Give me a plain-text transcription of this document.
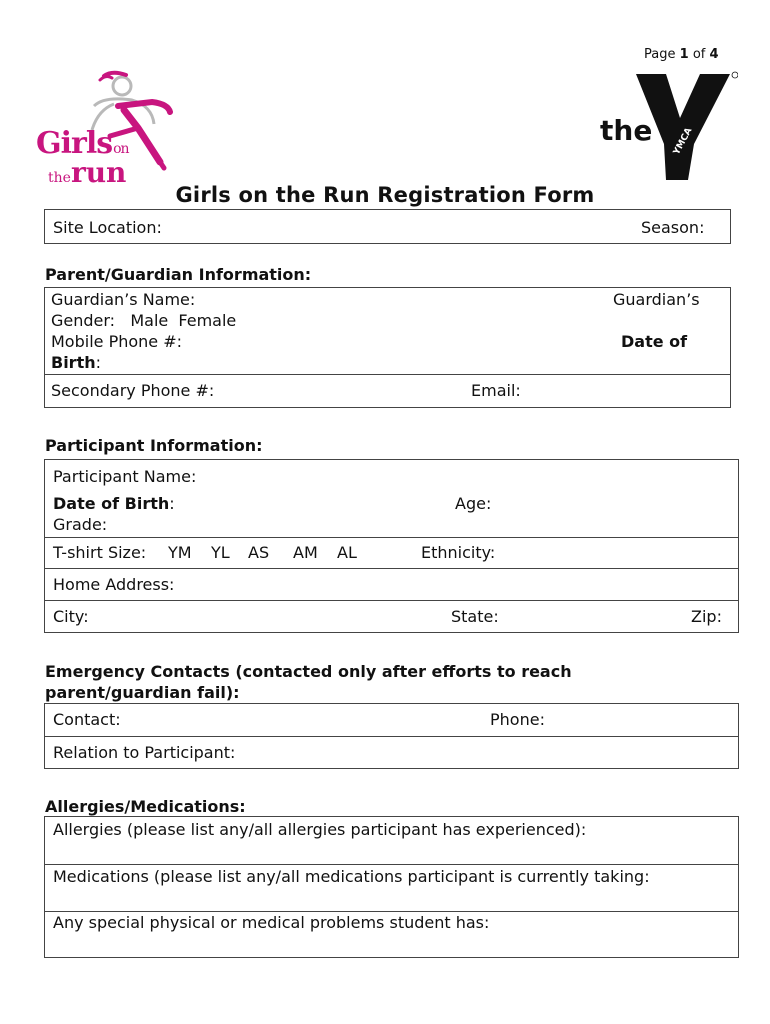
Page 1 of 4
Girlson
therun
the YMCA
Girls on the Run Registration Form
Site Location:	Season:
Parent/Guardian Information:
Guardian’s Name:	Guardian’s
Gender: Male Female
Mobile Phone #:	Date of
Birth:
Secondary Phone #:	Email:
Participant Information:
Participant Name:
Date of Birth:	Age:
Grade:
T-shirt Size: YM YL AS AM AL	Ethnicity:
Home Address:
City:	State:	Zip:
Emergency Contacts (contacted only after efforts to reach
parent/guardian fail):
Contact:	Phone:
Relation to Participant:
Allergies/Medications:
Allergies (please list any/all allergies participant has experienced):
Medications (please list any/all medications participant is currently taking:
Any special physical or medical problems student has:
